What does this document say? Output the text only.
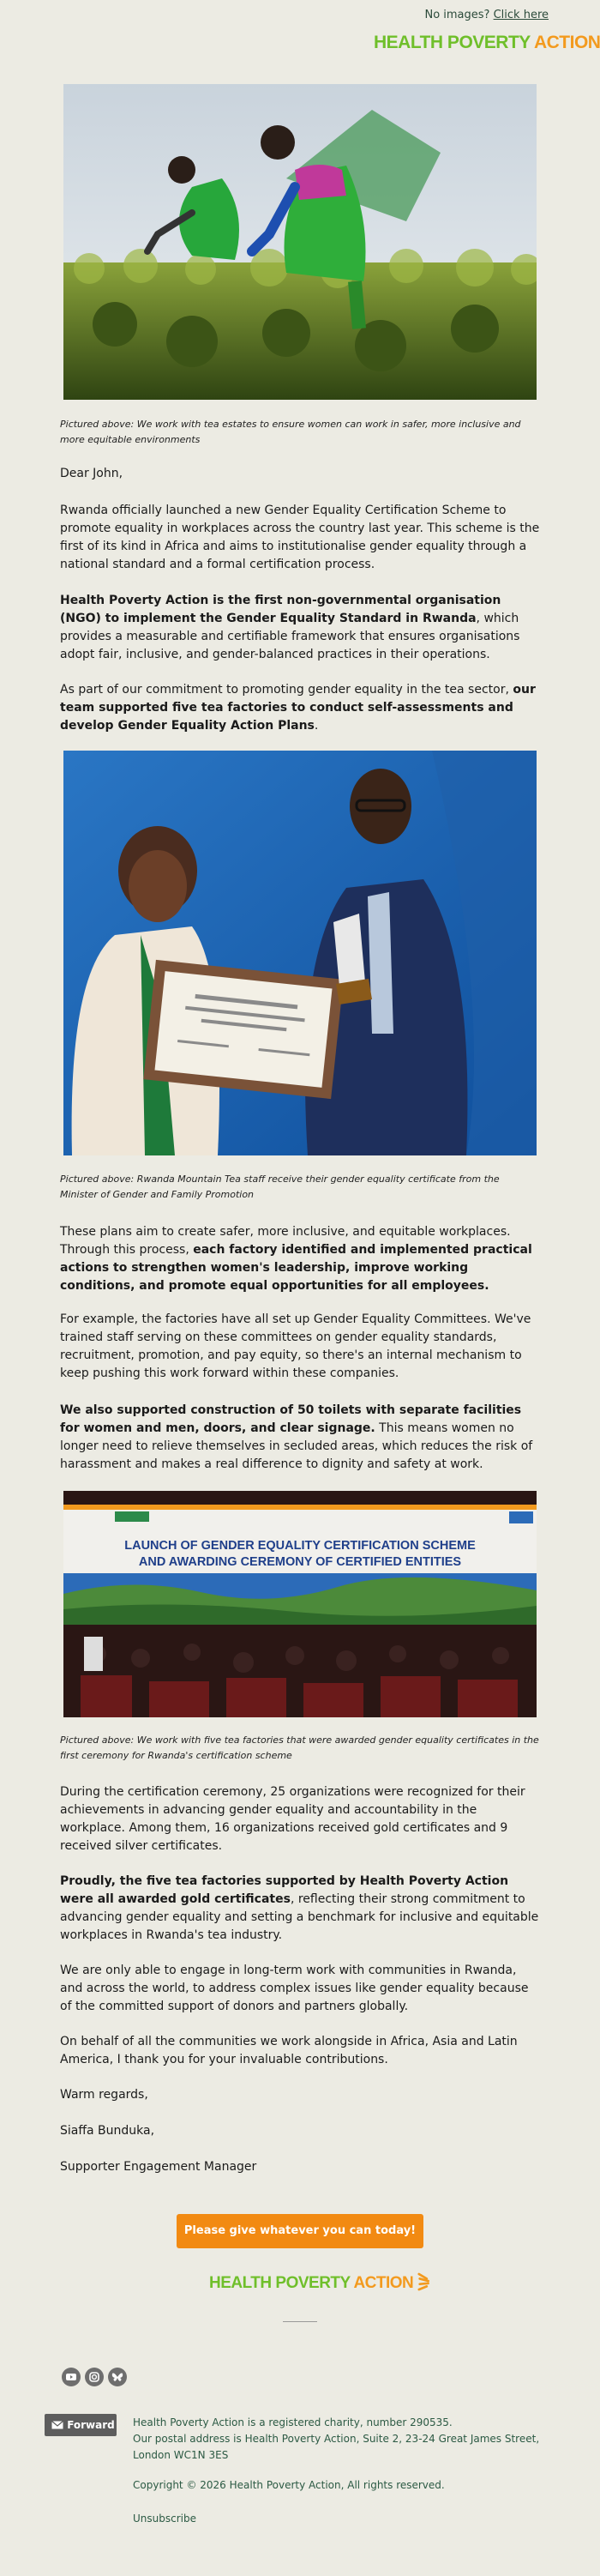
No images? Click here
HEALTH POVERTY ACTION
Pictured above: We work with tea estates to ensure women can work in safer, more inclusive and more equitable environments
Dear John,
Rwanda officially launched a new Gender Equality Certification Scheme to promote equality in workplaces across the country last year. This scheme is the first of its kind in Africa and aims to institutionalise gender equality through a national standard and a formal certification process.
Health Poverty Action is the first non-governmental organisation (NGO) to implement the Gender Equality Standard in Rwanda, which provides a measurable and certifiable framework that ensures organisations adopt fair, inclusive, and gender-balanced practices in their operations.
As part of our commitment to promoting gender equality in the tea sector, our team supported five tea factories to conduct self-assessments and develop Gender Equality Action Plans.
Pictured above: Rwanda Mountain Tea staff receive their gender equality certificate from the Minister of Gender and Family Promotion
These plans aim to create safer, more inclusive, and equitable workplaces. Through this process, each factory identified and implemented practical actions to strengthen women's leadership, improve working conditions, and promote equal opportunities for all employees.
For example, the factories have all set up Gender Equality Committees. We've trained staff serving on these committees on gender equality standards, recruitment, promotion, and pay equity, so there's an internal mechanism to keep pushing this work forward within these companies.
We also supported construction of 50 toilets with separate facilities for women and men, doors, and clear signage. This means women no longer need to relieve themselves in secluded areas, which reduces the risk of harassment and makes a real difference to dignity and safety at work.
LAUNCH OF GENDER EQUALITY CERTIFICATION SCHEME
AND AWARDING CEREMONY OF CERTIFIED ENTITIES
Pictured above: We work with five tea factories that were awarded gender equality certificates in the first ceremony for Rwanda's certification scheme
During the certification ceremony, 25 organizations were recognized for their achievements in advancing gender equality and accountability in the workplace. Among them, 16 organizations received gold certificates and 9 received silver certificates.
Proudly, the five tea factories supported by Health Poverty Action were all awarded gold certificates, reflecting their strong commitment to advancing gender equality and setting a benchmark for inclusive and equitable workplaces in Rwanda's tea industry.
We are only able to engage in long-term work with communities in Rwanda, and across the world, to address complex issues like gender equality because of the committed support of donors and partners globally.
On behalf of all the communities we work alongside in Africa, Asia and Latin America, I thank you for your invaluable contributions.
Warm regards,
Siaffa Bunduka,
Supporter Engagement Manager
Please give whatever you can today!
HEALTH POVERTY ACTION
Forward Health Poverty Action is a registered charity, number 290535.
Our postal address is Health Poverty Action, Suite 2, 23-24 Great James Street, London WC1N 3ES
Copyright © 2026 Health Poverty Action, All rights reserved.
Unsubscribe
